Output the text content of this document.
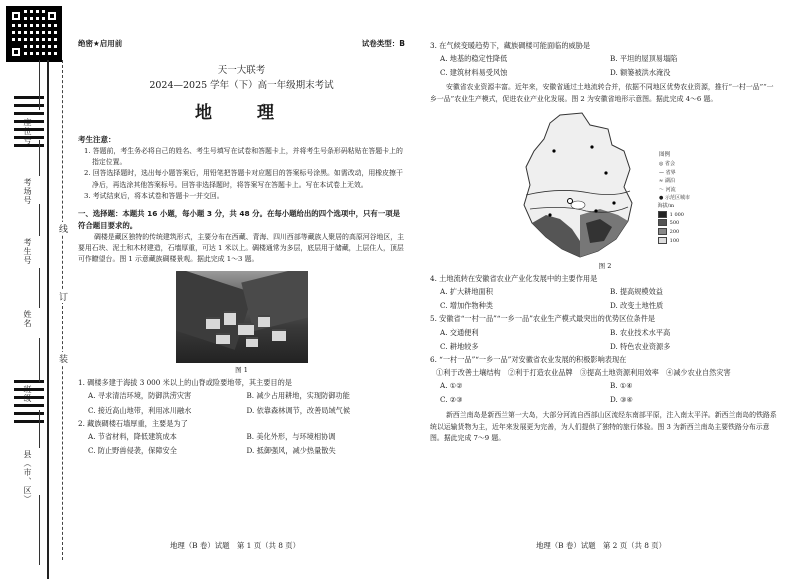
座位号
考场号
考生号
姓名
班级
县（市、区）
线
订
装
绝密★启用前	试卷类型：B
天一大联考
2024—2025 学年（下）高一年级期末考试
地　理
考生注意：
1. 答题前，考生务必将自己的姓名、考生号填写在试卷和答题卡上，并将考生号条形码粘贴在答题卡上的指定位置。
2. 回答选择题时，选出每小题答案后，用铅笔把答题卡对应题目的答案标号涂黑。如需改动，用橡皮擦干净后，再选涂其他答案标号。回答非选择题时，将答案写在答题卡上。写在本试卷上无效。
3. 考试结束后，将本试卷和答题卡一并交回。
一、选择题：本题共 16 小题，每小题 3 分，共 48 分。在每小题给出的四个选项中，只有一项是符合题目要求的。
碉楼是藏区独特的传统建筑形式，主要分布在西藏、青海、四川西部等藏族人聚居的高原河谷地区，主要用石块、泥土和木材建造，石墙厚重，可达 1 米以上。碉楼通常为多层，底层用于储藏，上层住人，顶层可作瞭望台。图 1 示意藏族碉楼景观。据此完成 1～3 题。
图 1
1. 碉楼多建于海拔 3 000 米以上的山脊或险要地带，其主要目的是
A. 寻求清洁环境，防御洪涝灾害	B. 减少占用耕地，实现防御功能
C. 接近高山地带，利用冰川融水	D. 依靠森林调节，改善局域气候
2. 藏族碉楼石墙厚重，主要是为了
A. 节省材料，降低建筑成本	B. 美化外形，与环境相协调
C. 防止野兽侵袭，保障安全	D. 抵御强风，减少热量散失
地理（B 卷）试题　第 1 页（共 8 页）
3. 在气候变暖趋势下，藏族碉楼可能面临的威胁是
A. 地基的稳定性降低	B. 平坦的屋顶易塌陷
C. 建筑材料易受风蚀	D. 额篓被洪水淹没
安徽省农业资源丰富。近年来，安徽省通过土地流转合并，依据不同地区优势农业资源，推行“一村一品”“一乡一品”农业生产模式，促进农业产业化发展。图 2 为安徽省地形示意图。据此完成 4～6 题。
图例
◎ 省会
— 省界
≈ 湖泊
～ 河流
● 示范区城市
海拔/m
1 000
500
200
100
图 2
4. 土地流转在安徽省农业产业化发展中的主要作用是
A. 扩大耕地面积	B. 提高规模效益
C. 增加作物种类	D. 改变土地性质
5. 安徽省“一村一品”“一乡一品”农业生产模式最突出的优势区位条件是
A. 交通便利	B. 农业技术水平高
C. 耕地较多	D. 特色农业资源多
6. “一村一品”“一乡一品”对安徽省农业发展的积极影响表现在
①利于改善土壤结构　②利于打造农业品牌　③提高土地资源利用效率　④减少农业自然灾害
A. ①②	B. ①④
C. ②③	D. ③④
新西兰南岛是新西兰第一大岛，大部分河流自西部山区流经东南部平原，注入南太平洋。新西兰南岛的铁路系统以运输货物为主，近年来发展更为完善，为人们提供了独特的旅行体验。图 3 为新西兰南岛主要铁路分布示意图。据此完成 7～9 题。
地理（B 卷）试题　第 2 页（共 8 页）
